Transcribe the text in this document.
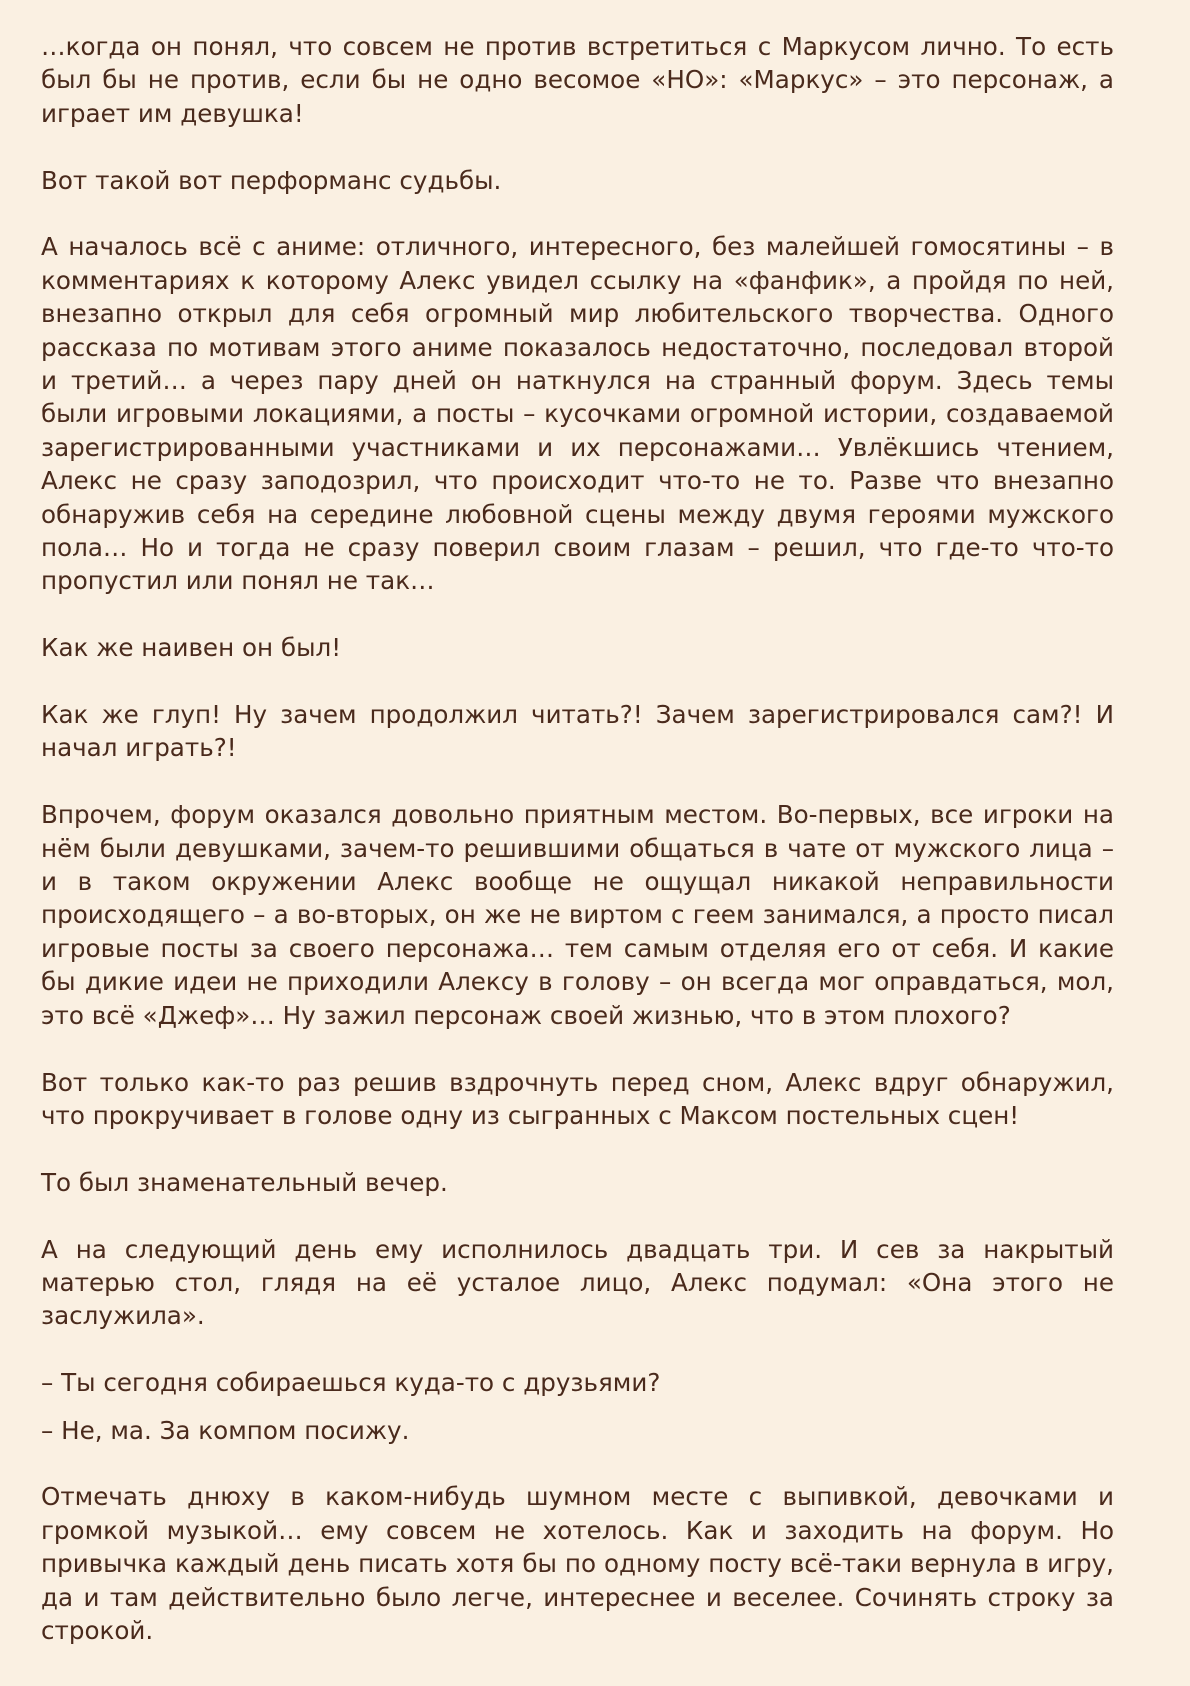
…когда он понял, что совсем не против встретиться с Маркусом лично. То есть был бы не против, если бы не одно весомое «НО»: «Маркус» – это персонаж, а играет им девушка!

Вот такой вот перформанс судьбы.

А началось всё с аниме: отличного, интересного, без малейшей гомосятины – в комментариях к которому Алекс увидел ссылку на «фанфик», а пройдя по ней, внезапно открыл для себя огромный мир любительского творчества. Одного рассказа по мотивам этого аниме показалось недостаточно, последовал второй и третий… а через пару дней он наткнулся на странный форум. Здесь темы были игровыми локациями, а посты – кусочками огромной истории, создаваемой зарегистрированными участниками и их персонажами… Увлёкшись чтением, Алекс не сразу заподозрил, что происходит что-то не то. Разве что внезапно обнаружив себя на середине любовной сцены между двумя героями мужского пола… Но и тогда не сразу поверил своим глазам – решил, что где-то что-то пропустил или понял не так…

Как же наивен он был!

Как же глуп! Ну зачем продолжил читать?! Зачем зарегистрировался сам?! И начал играть?!

Впрочем, форум оказался довольно приятным местом. Во-первых, все игроки на нём были девушками, зачем-то решившими общаться в чате от мужского лица – и в таком окружении Алекс вообще не ощущал никакой неправильности происходящего – а во-вторых, он же не виртом с геем занимался, а просто писал игровые посты за своего персонажа… тем самым отделяя его от себя. И какие бы дикие идеи не приходили Алексу в голову – он всегда мог оправдаться, мол, это всё «Джеф»… Ну зажил персонаж своей жизнью, что в этом плохого?

Вот только как-то раз решив вздрочнуть перед сном, Алекс вдруг обнаружил, что прокручивает в голове одну из сыгранных с Максом постельных сцен!

То был знаменательный вечер.

А на следующий день ему исполнилось двадцать три. И сев за накрытый матерью стол, глядя на её усталое лицо, Алекс подумал: «Она этого не заслужила».

– Ты сегодня собираешься куда-то с друзьями?

– Не, ма. За компом посижу.

Отмечать днюху в каком-нибудь шумном месте с выпивкой, девочками и громкой музыкой… ему совсем не хотелось. Как и заходить на форум. Но привычка каждый день писать хотя бы по одному посту всё-таки вернула в игру, да и там действительно было легче, интереснее и веселее. Сочинять строку за строкой.
